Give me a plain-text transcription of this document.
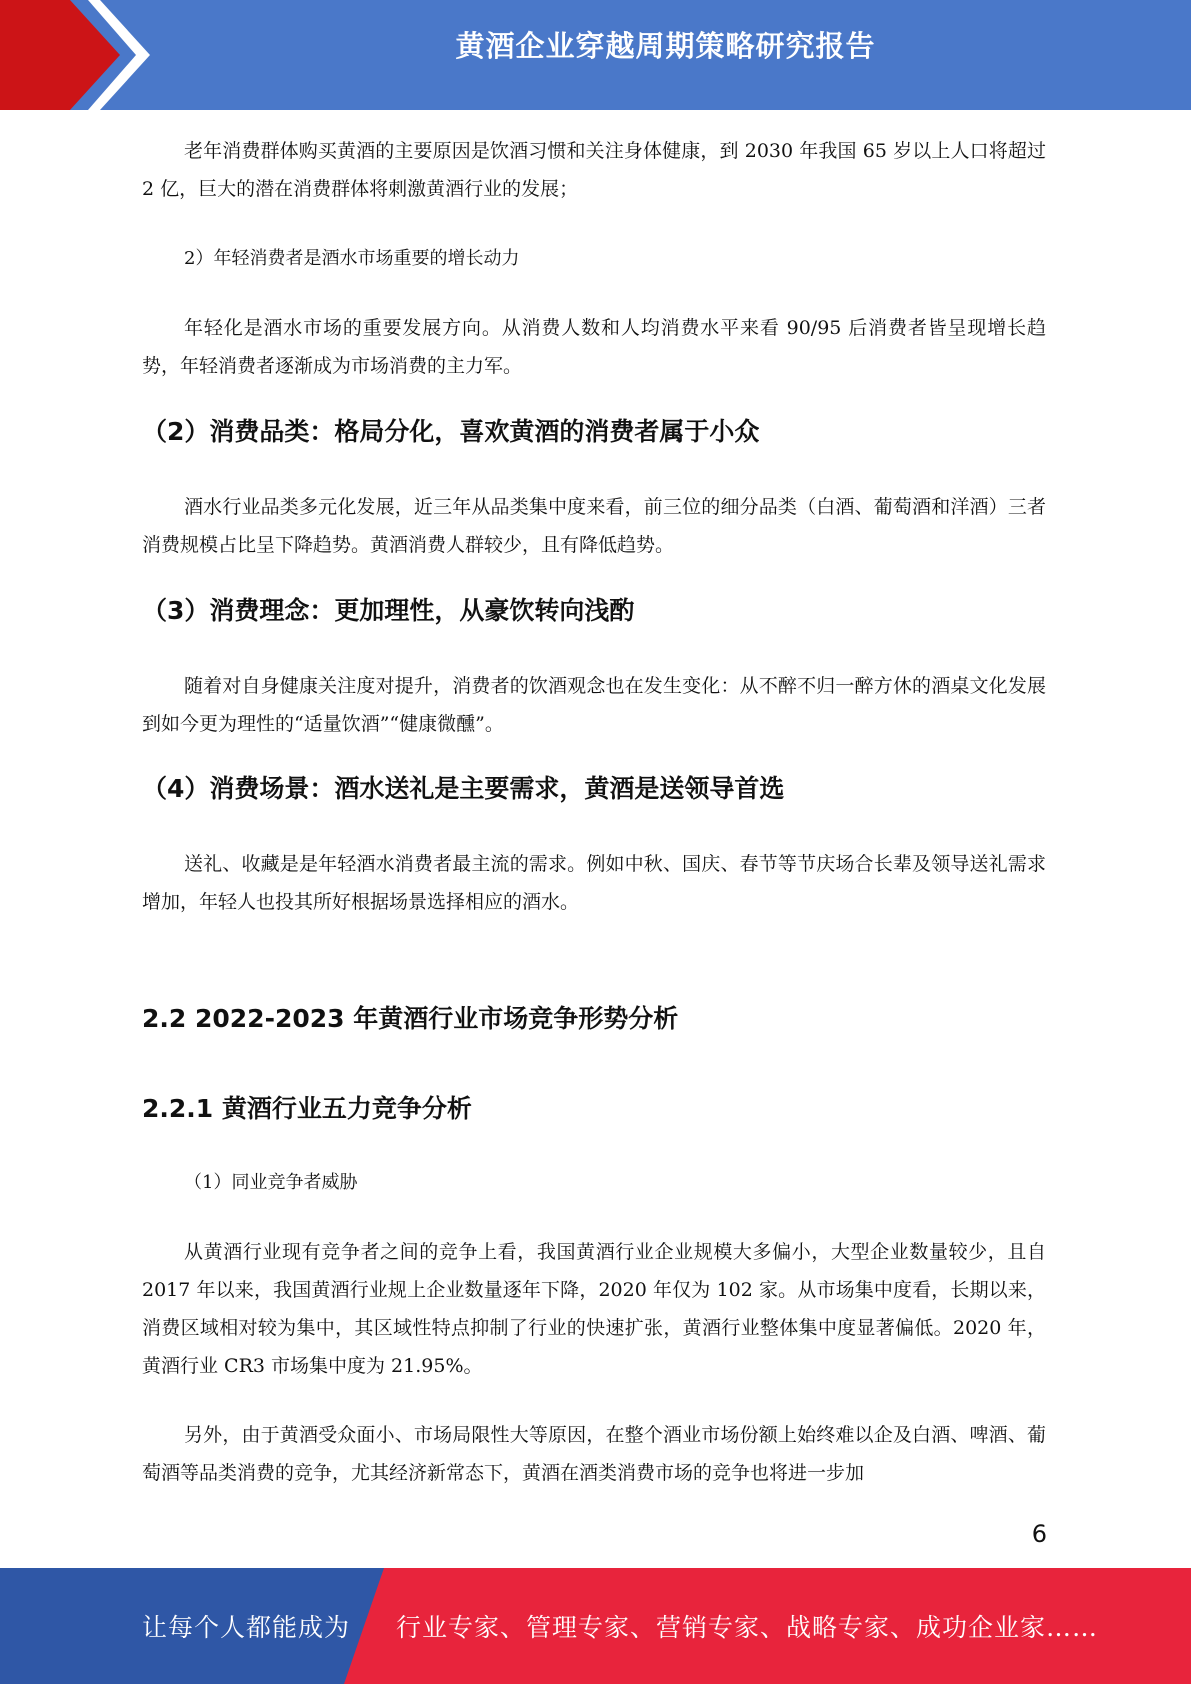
黄酒企业穿越周期策略研究报告

老年消费群体购买黄酒的主要原因是饮酒习惯和关注身体健康，到 2030 年我国 65 岁以上人口将超过 2 亿，巨大的潜在消费群体将刺激黄酒行业的发展；

2）年轻消费者是酒水市场重要的增长动力

年轻化是酒水市场的重要发展方向。从消费人数和人均消费水平来看 90/95 后消费者皆呈现增长趋势，年轻消费者逐渐成为市场消费的主力军。

（2）消费品类：格局分化，喜欢黄酒的消费者属于小众

酒水行业品类多元化发展，近三年从品类集中度来看，前三位的细分品类（白酒、葡萄酒和洋酒）三者消费规模占比呈下降趋势。黄酒消费人群较少，且有降低趋势。

（3）消费理念：更加理性，从豪饮转向浅酌

随着对自身健康关注度对提升，消费者的饮酒观念也在发生变化：从不醉不归一醉方休的酒桌文化发展到如今更为理性的“适量饮酒”“健康微醺”。

（4）消费场景：酒水送礼是主要需求，黄酒是送领导首选

送礼、收藏是是年轻酒水消费者最主流的需求。例如中秋、国庆、春节等节庆场合长辈及领导送礼需求增加，年轻人也投其所好根据场景选择相应的酒水。

2.2 2022-2023 年黄酒行业市场竞争形势分析
2.2.1 黄酒行业五力竞争分析

（1）同业竞争者威胁

从黄酒行业现有竞争者之间的竞争上看，我国黄酒行业企业规模大多偏小，大型企业数量较少，且自 2017 年以来，我国黄酒行业规上企业数量逐年下降，2020 年仅为 102 家。从市场集中度看，长期以来，消费区域相对较为集中，其区域性特点抑制了行业的快速扩张，黄酒行业整体集中度显著偏低。2020 年，黄酒行业 CR3 市场集中度为 21.95%。

另外，由于黄酒受众面小、市场局限性大等原因，在整个酒业市场份额上始终难以企及白酒、啤酒、葡萄酒等品类消费的竞争，尤其经济新常态下，黄酒在酒类消费市场的竞争也将进一步加

6
让每个人都能成为 行业专家、管理专家、营销专家、战略专家、成功企业家……
